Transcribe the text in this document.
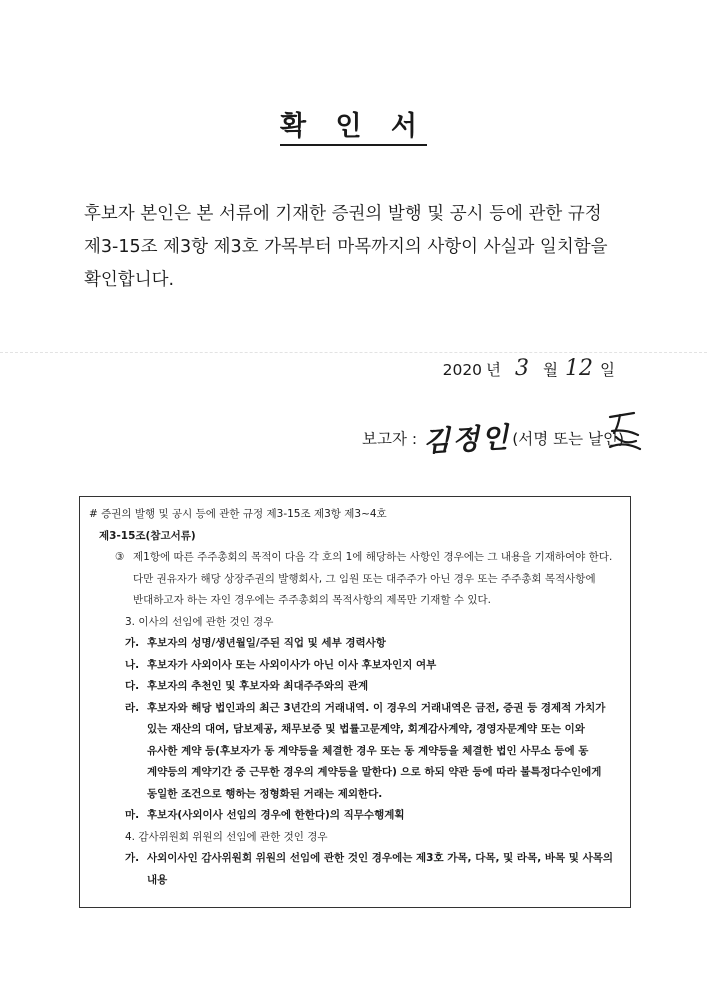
확 인 서
후보자 본인은 본 서류에 기재한 증권의 발행 및 공시 등에 관한 규정 제3-15조 제3항 제3호 가목부터 마목까지의 사항이 사실과 일치함을 확인합니다.
2020 년 3 월 12 일
보고자 : 김정인 (서명 또는 날인)
# 증권의 발행 및 공시 등에 관한 규정 제3-15조 제3항 제3~4호
제3-15조(참고서류)
③ 제1항에 따른 주주총회의 목적이 다음 각 호의 1에 해당하는 사항인 경우에는 그 내용을 기재하여야 한다. 다만 권유자가 해당 상장주권의 발행회사, 그 임원 또는 대주주가 아닌 경우 또는 주주총회 목적사항에 반대하고자 하는 자인 경우에는 주주총회의 목적사항의 제목만 기재할 수 있다.
3. 이사의 선임에 관한 것인 경우
가. 후보자의 성명/생년월일/주된 직업 및 세부 경력사항
나. 후보자가 사외이사 또는 사외이사가 아닌 이사 후보자인지 여부
다. 후보자의 추천인 및 후보자와 최대주주와의 관계
라. 후보자와 해당 법인과의 최근 3년간의 거래내역. 이 경우의 거래내역은 금전, 증권 등 경제적 가치가 있는 재산의 대여, 담보제공, 채무보증 및 법률고문계약, 회계감사계약, 경영자문계약 또는 이와 유사한 계약 등(후보자가 동 계약등을 체결한 경우 또는 동 계약등을 체결한 법인 사무소 등에 동 계약등의 계약기간 중 근무한 경우의 계약등을 말한다) 으로 하되 약관 등에 따라 불특정다수인에게 동일한 조건으로 행하는 정형화된 거래는 제외한다.
마. 후보자(사외이사 선임의 경우에 한한다)의 직무수행계획
4. 감사위원회 위원의 선임에 관한 것인 경우
가. 사외이사인 감사위원회 위원의 선임에 관한 것인 경우에는 제3호 가목, 다목, 및 라목, 바목 및 사목의 내용
